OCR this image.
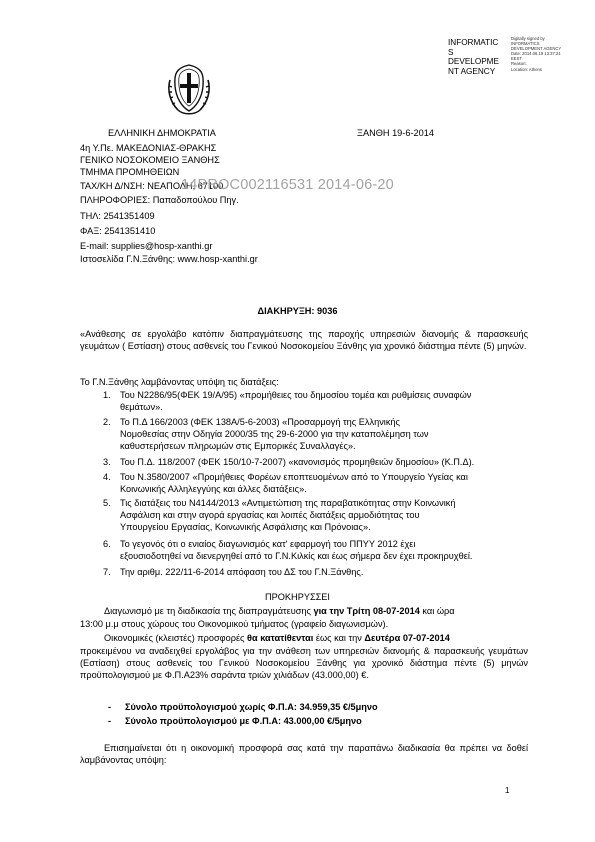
INFORMATIC
S
DEVELOPME
NT AGENCY
Digitally signed by
INFORMATICS
DEVELOPMENT AGENCY
Date: 2014.06.19 13:37:24
EEST
Reason:
Location: Athens
ΕΛΛΗΝΙΚΗ ΔΗΜΟΚΡΑΤΙΑ	ΞΑΝΘΗ 19-6-2014
4η Υ.Πε. ΜΑΚΕΔΟΝΙΑΣ-ΘΡΑΚΗΣ
ΓΕΝΙΚΟ ΝΟΣΟΚΟΜΕΙΟ ΞΑΝΘΗΣ
ΤΜΗΜΑ ΠΡΟΜΗΘΕΙΩΝ
ΤΑΧ/ΚΗ Δ/ΝΣΗ: ΝΕΑΠΟΛΗ, 67100
ΠΛΗΡΟΦΟΡΙΕΣ: Παπαδοπούλου Πηγ.
ΤΗΛ: 2541351409
ΦΑΞ: 2541351410
E-mail: supplies@hosp-xanthi.gr
Ιστοσελίδα Γ.Ν.Ξάνθης: www.hosp-xanthi.gr
14PROC002116531 2014-06-20
ΔΙΑΚΗΡΥΞΗ: 9036
«Ανάθεσης σε εργολάβο κατόπιν διαπραγμάτευσης της παροχής υπηρεσιών διανομής & παρασκευής γευμάτων ( Εστίαση) στους ασθενείς του Γενικού Νοσοκομείου Ξάνθης για χρονικό διάστημα πέντε (5) μηνών.
Το Γ.Ν.Ξάνθης λαμβάνοντας υπόψη τις διατάξεις:
1. Του Ν2286/95(ΦΕΚ 19/Α/95) «προμήθειες του δημοσίου τομέα και ρυθμίσεις συναφών
θεμάτων».
2. Το Π.Δ 166/2003 (ΦΕΚ 138Α/5-6-2003) «Προσαρμογή της Ελληνικής
Νομοθεσίας στην Οδηγία 2000/35 της 29-6-2000 για την καταπολέμηση των
καθυστερήσεων πληρωμών στις Εμπορικές Συναλλαγές».
3. Του Π.Δ. 118/2007 (ΦΕΚ 150/10-7-2007) «κανονισμός προμηθειών δημοσίου» (Κ.Π.Δ).
4. Του Ν.3580/2007 «Προμήθειες Φορέων εποπτευομένων από το Υπουργείο Υγείας και
Κοινωνικής Αλληλεγγύης και άλλες διατάξεις».
5. Τις διατάξεις του Ν4144/2013 «Αντιμετώπιση της παραβατικότητας στην Κοινωνική
Ασφάλιση και στην αγορά εργασίας και λοιπές διατάξεις αρμοδιότητας του
Υπουργείου Εργασίας, Κοινωνικής Ασφάλισης και Πρόνοιας».
6. Το γεγονός ότι ο ενιαίος διαγωνισμός κατ' εφαρμογή του ΠΠΥΥ 2012 έχει
εξουσιοδοτηθεί να διενεργηθεί από το Γ.Ν.Κιλκίς και έως σήμερα δεν έχει προκηρυχθεί.
7. Την αριθμ. 222/11-6-2014 απόφαση του ΔΣ του Γ.Ν.Ξάνθης.
ΠΡΟΚΗΡΥΣΣΕΙ
Διαγωνισμό με τη διαδικασία της διαπραγμάτευσης για την Τρίτη 08-07-2014 και ώρα
13:00 μ.μ στους χώρους του Οικονομικού τμήματος (γραφείο διαγωνισμών).
Οικονομικές (κλειστές) προσφορές θα κατατίθενται έως και την Δευτέρα 07-07-2014
προκειμένου να αναδειχθεί εργολάβος για την ανάθεση των υπηρεσιών διανομής & παρασκευής γευμάτων (Εστίαση) στους ασθενείς του Γενικού Νοσοκομείου Ξάνθης για χρονικό διάστημα πέντε (5) μηνών προϋπολογισμού με Φ.Π.Α23% σαράντα τριών χιλιάδων (43.000,00) €.
- Σύνολο προϋπολογισμού χωρίς Φ.Π.Α: 34.959,35 €/5μηνο
- Σύνολο προϋπολογισμού με Φ.Π.Α: 43.000,00 €/5μηνο
Επισημαίνεται ότι η οικονομική προσφορά σας κατά την παραπάνω διαδικασία θα πρέπει να δοθεί λαμβάνοντας υπόψη:
1
